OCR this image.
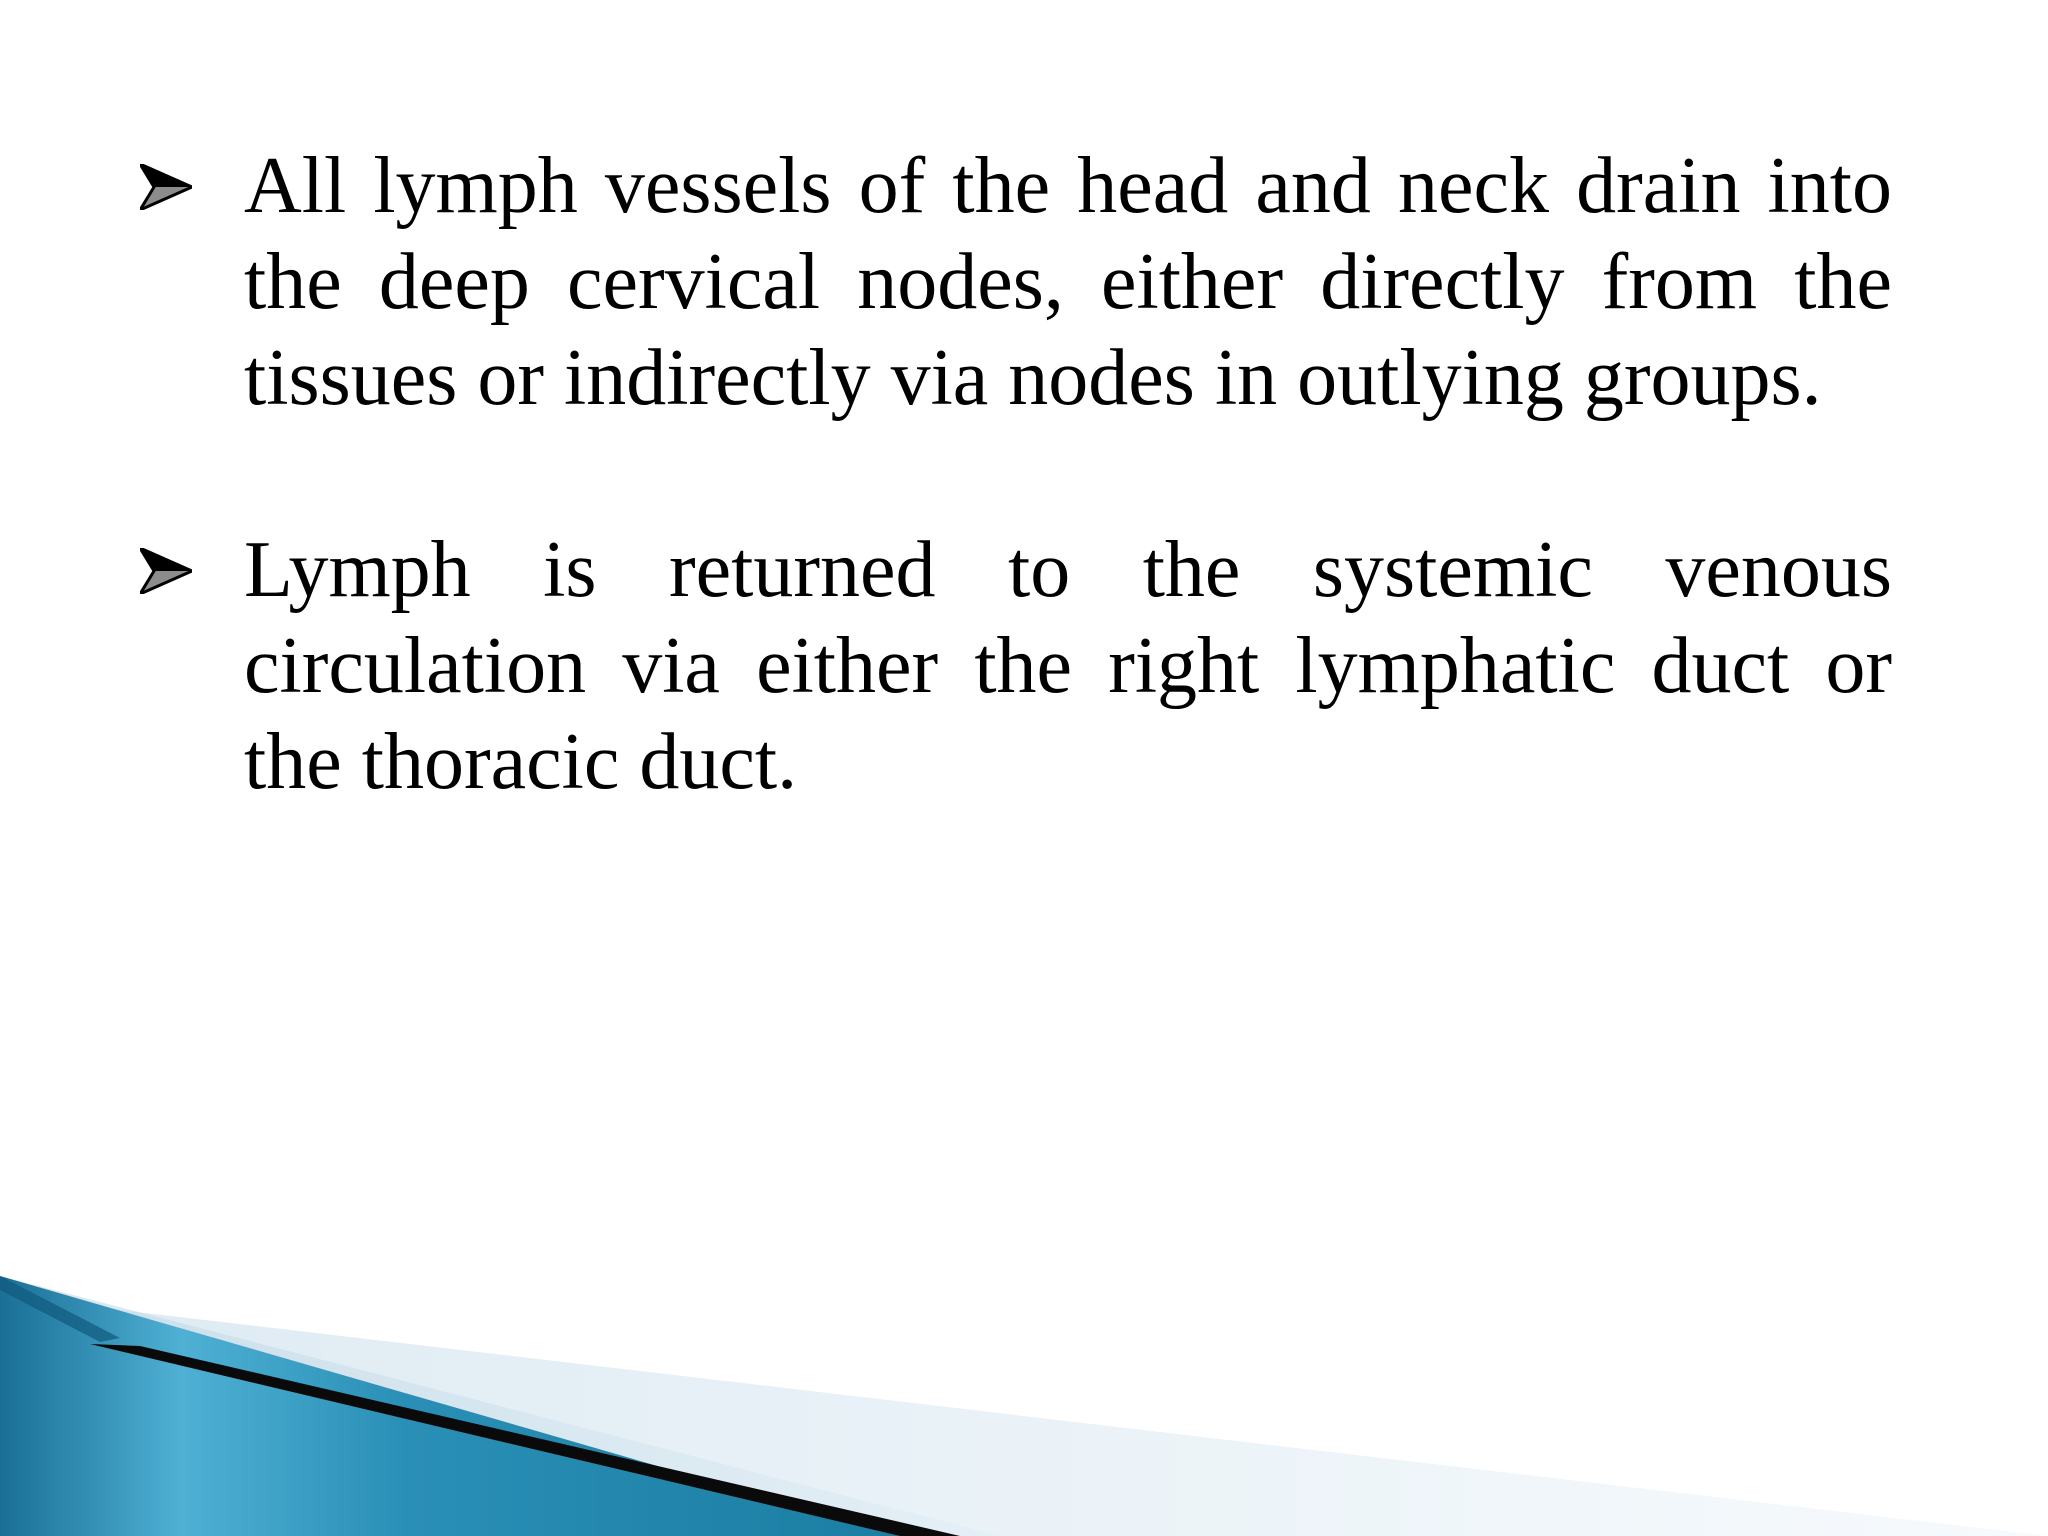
All lymph vessels of the head and neck drain into the deep cervical nodes, either directly from the tissues or indirectly via nodes in outlying groups.
Lymph is returned to the systemic venous circulation via either the right lymphatic duct or the thoracic duct.
